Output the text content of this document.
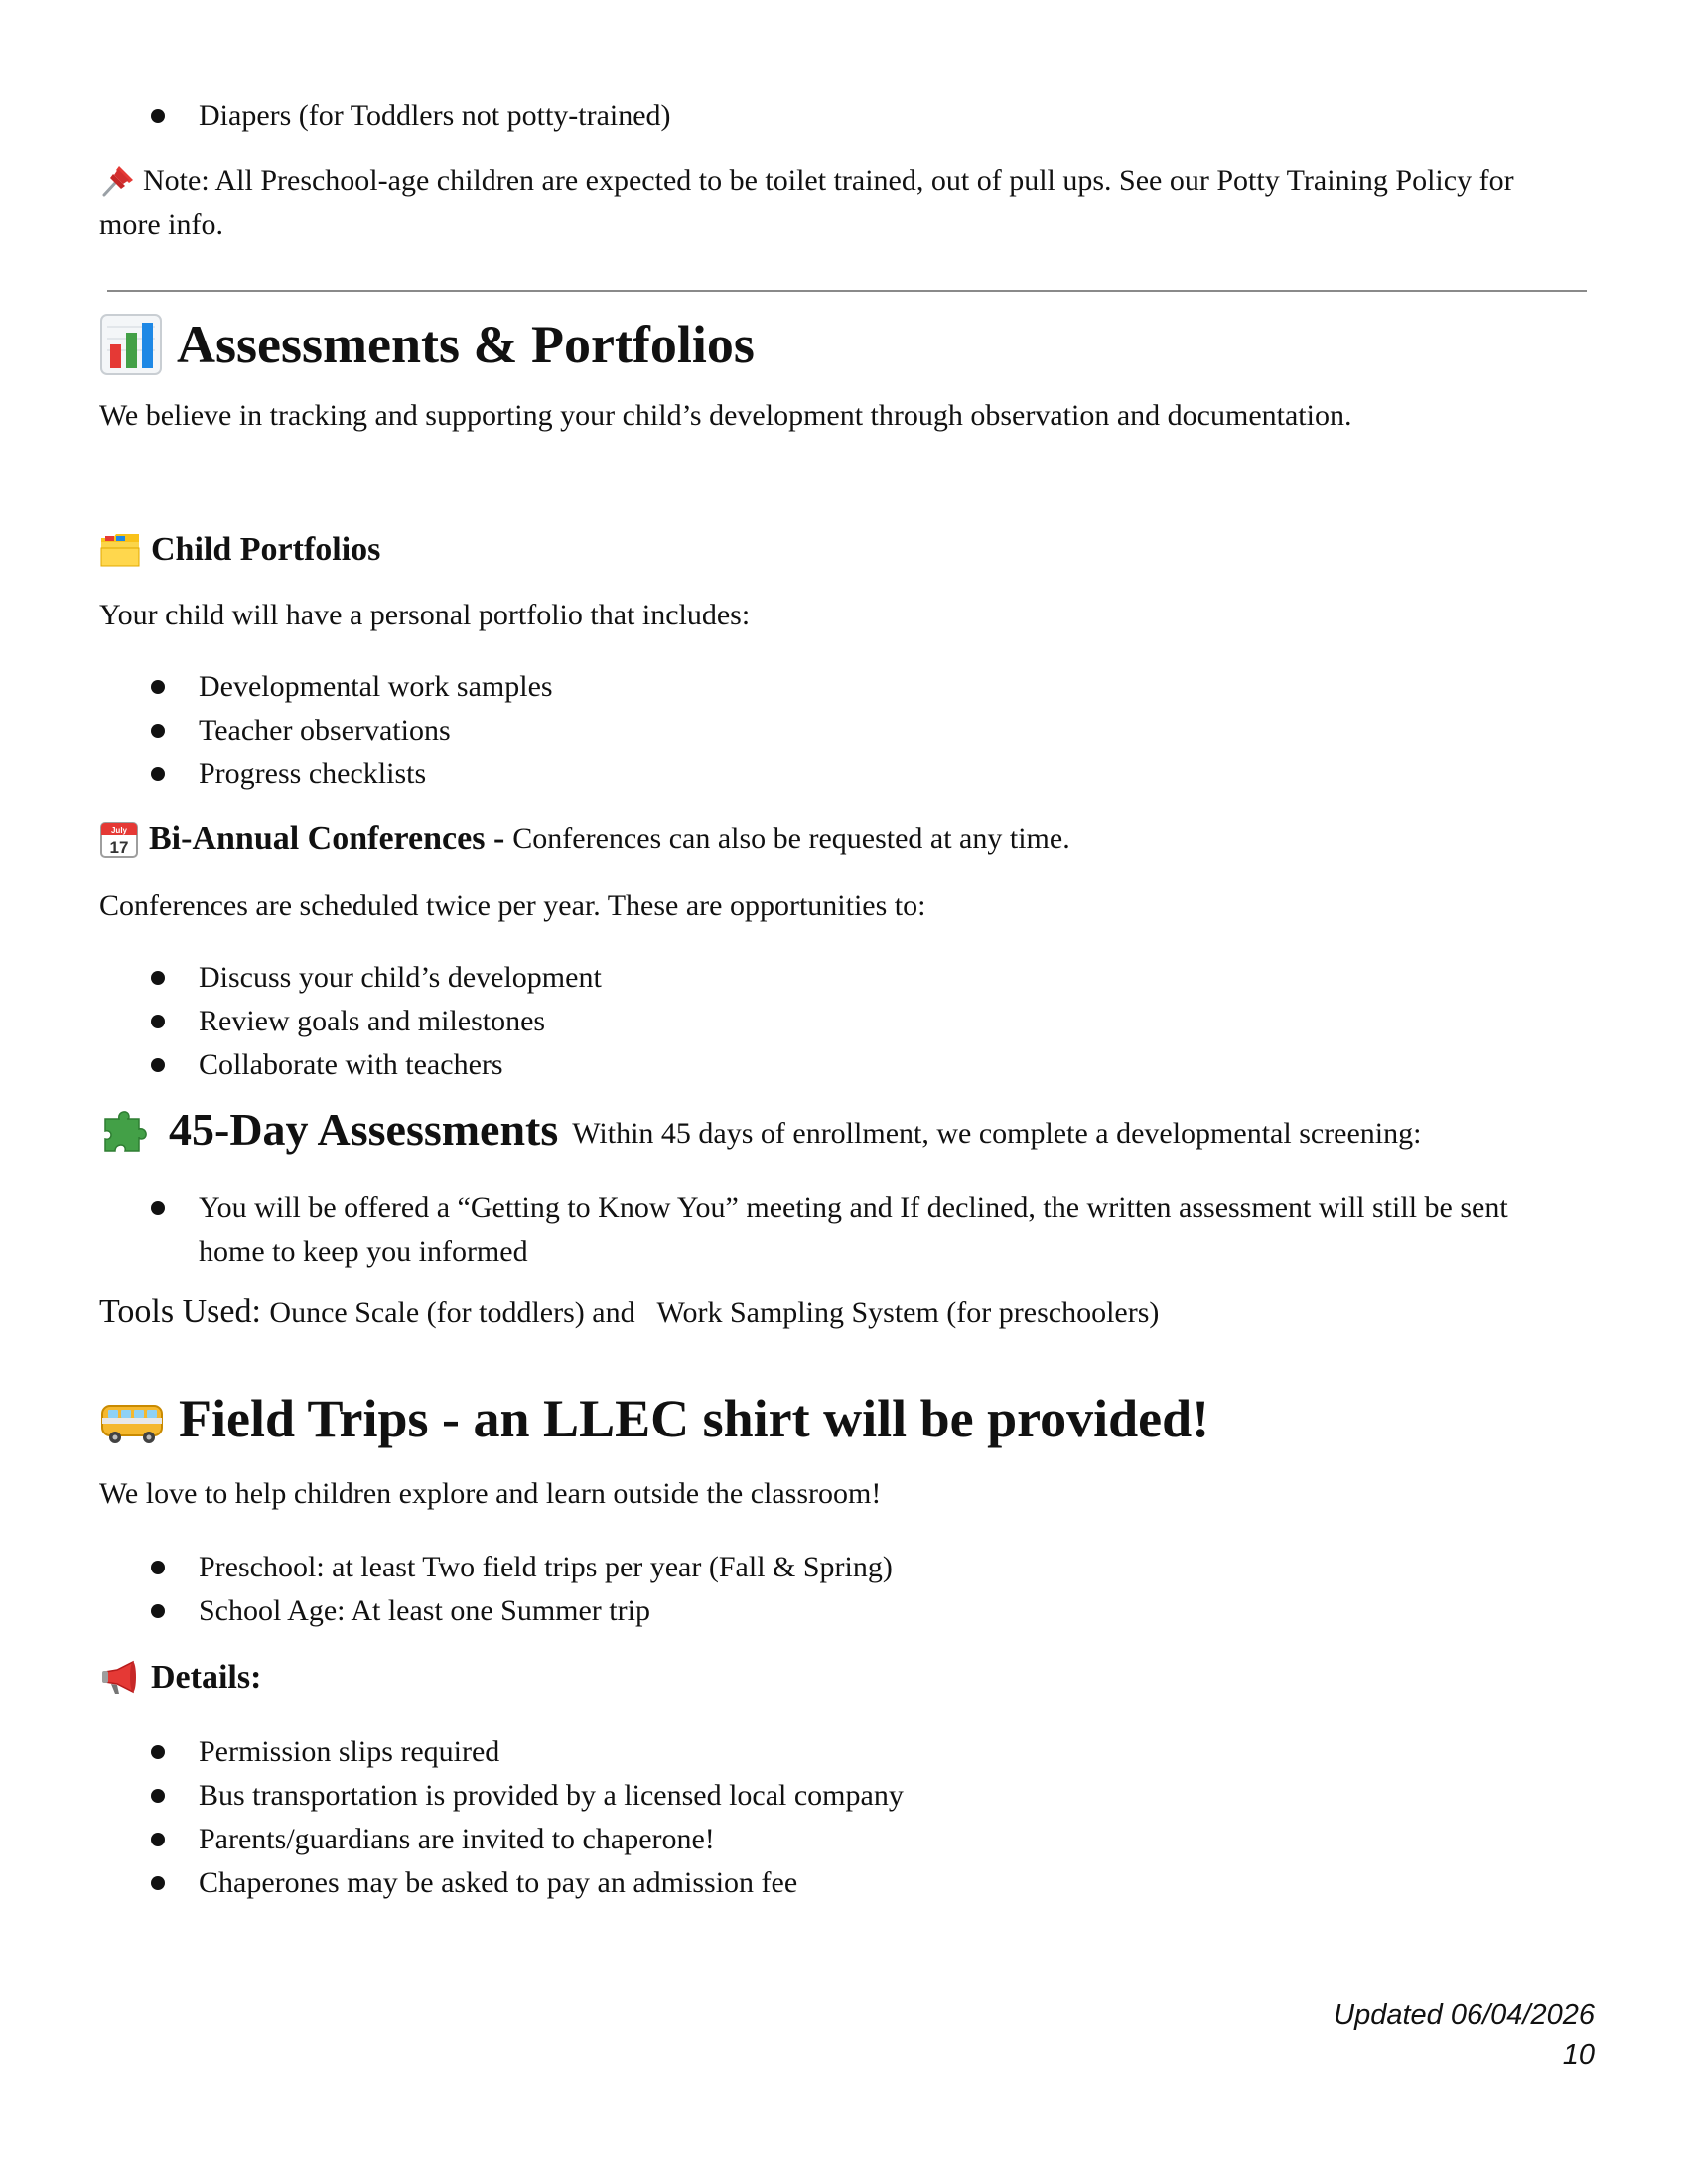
Diapers (for Toddlers not potty-trained)

Note: All Preschool-age children are expected to be toilet trained, out of pull ups. See our Potty Training Policy for more info.

Assessments & Portfolios

We believe in tracking and supporting your child’s development through observation and documentation.

Child Portfolios

Your child will have a personal portfolio that includes:

Developmental work samples
Teacher observations
Progress checklists
July
17 Bi-Annual Conferences - Conferences can also be requested at any time.

Conferences are scheduled twice per year. These are opportunities to:

Discuss your child’s development
Review goals and milestones
Collaborate with teachers
45-Day Assessments Within 45 days of enrollment, we complete a developmental screening:
You will be offered a “Getting to Know You” meeting and If declined, the written assessment will still be sent home to keep you informed

Tools Used: Ounce Scale (for toddlers) and   Work Sampling System (for preschoolers)

Field Trips - an LLEC shirt will be provided!

We love to help children explore and learn outside the classroom!

Preschool: at least Two field trips per year (Fall & Spring)
School Age: At least one Summer trip
Details:
Permission slips required
Bus transportation is provided by a licensed local company
Parents/guardians are invited to chaperone!
Chaperones may be asked to pay an admission fee
Updated 06/04/2026
10
